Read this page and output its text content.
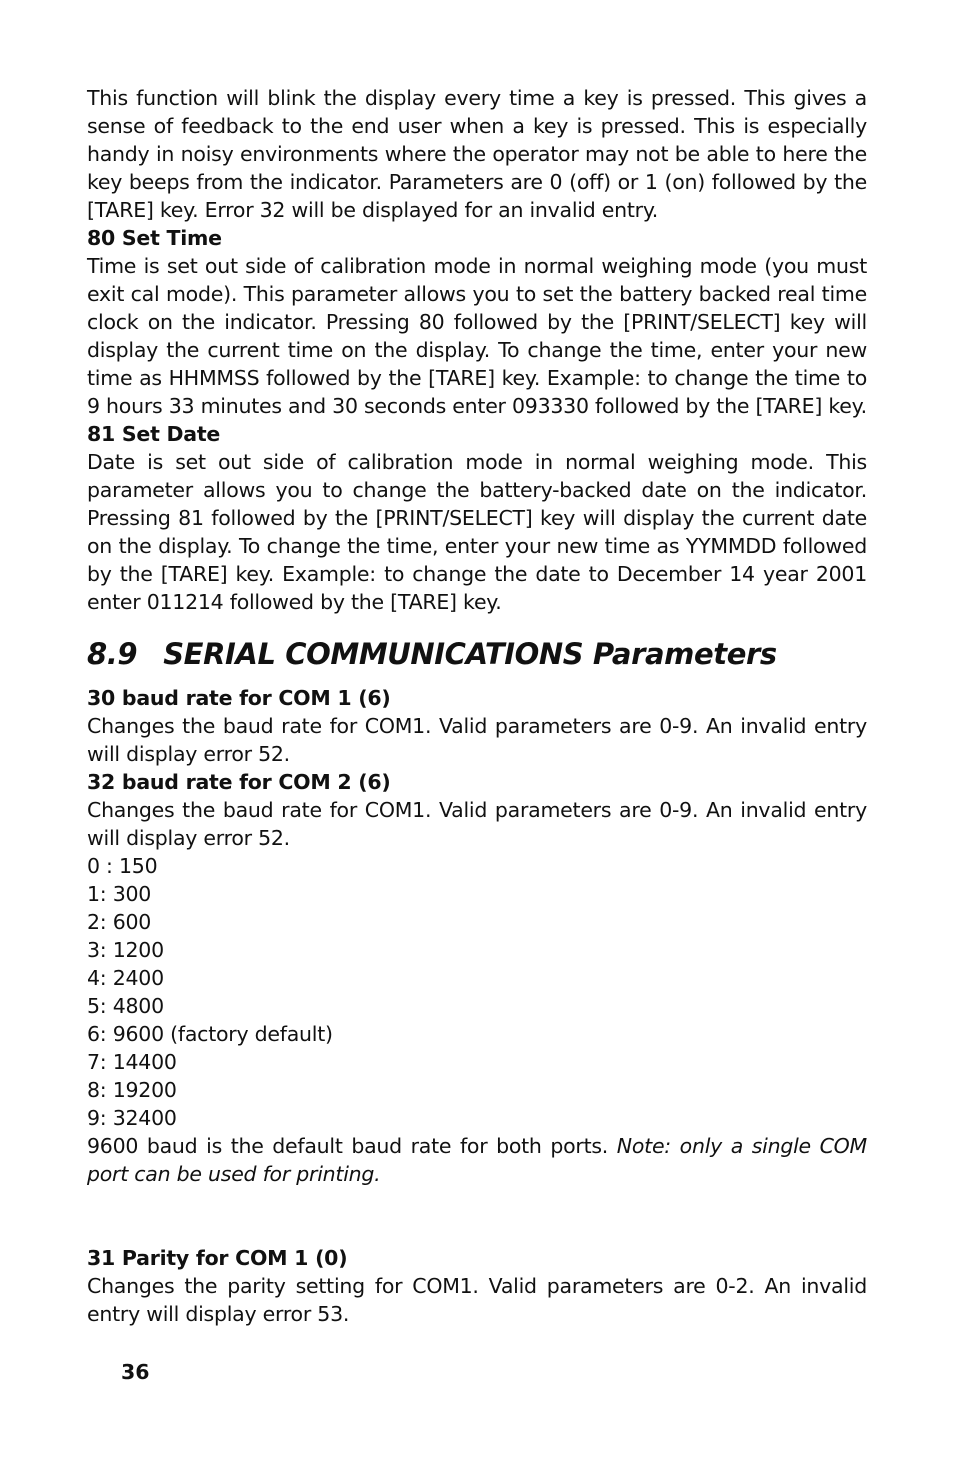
This function will blink the display every time a key is pressed. This gives a sense of feedback to the end user when a key is pressed. This is especially handy in noisy environments where the operator may not be able to here the key beeps from the indicator. Parameters are 0 (off) or 1 (on) followed by the [TARE] key. Error 32 will be displayed for an invalid entry.

80 Set Time

Time is set out side of calibration mode in normal weighing mode (you must exit cal mode). This parameter allows you to set the battery backed real time clock on the indicator. Pressing 80 followed by the [PRINT/SELECT] key will display the current time on the display. To change the time, enter your new time as HHMMSS followed by the [TARE] key. Example: to change the time to 9 hours 33 minutes and 30 seconds enter 093330 followed by the [TARE] key.

81 Set Date

Date is set out side of calibration mode in normal weighing mode. This parameter allows you to change the battery-backed date on the indicator. Pressing 81 followed by the [PRINT/SELECT] key will display the current date on the display. To change the time, enter your new time as YYMMDD followed by the [TARE] key. Example: to change the date to December 14 year 2001 enter 011214 followed by the [TARE] key.

8.9 SERIAL COMMUNICATIONS Parameters

30 baud rate for COM 1 (6)

Changes the baud rate for COM1. Valid parameters are 0-9. An invalid entry will display error 52.

32 baud rate for COM 2 (6)

Changes the baud rate for COM1. Valid parameters are 0-9. An invalid entry will display error 52.

0 : 150
1: 300
2: 600
3: 1200
4: 2400
5: 4800
6: 9600 (factory default)
7: 14400
8: 19200
9: 32400

9600 baud is the default baud rate for both ports. Note: only a single COM port can be used for printing.

31 Parity for COM 1 (0)

Changes the parity setting for COM1. Valid parameters are 0-2. An invalid entry will display error 53.

36
